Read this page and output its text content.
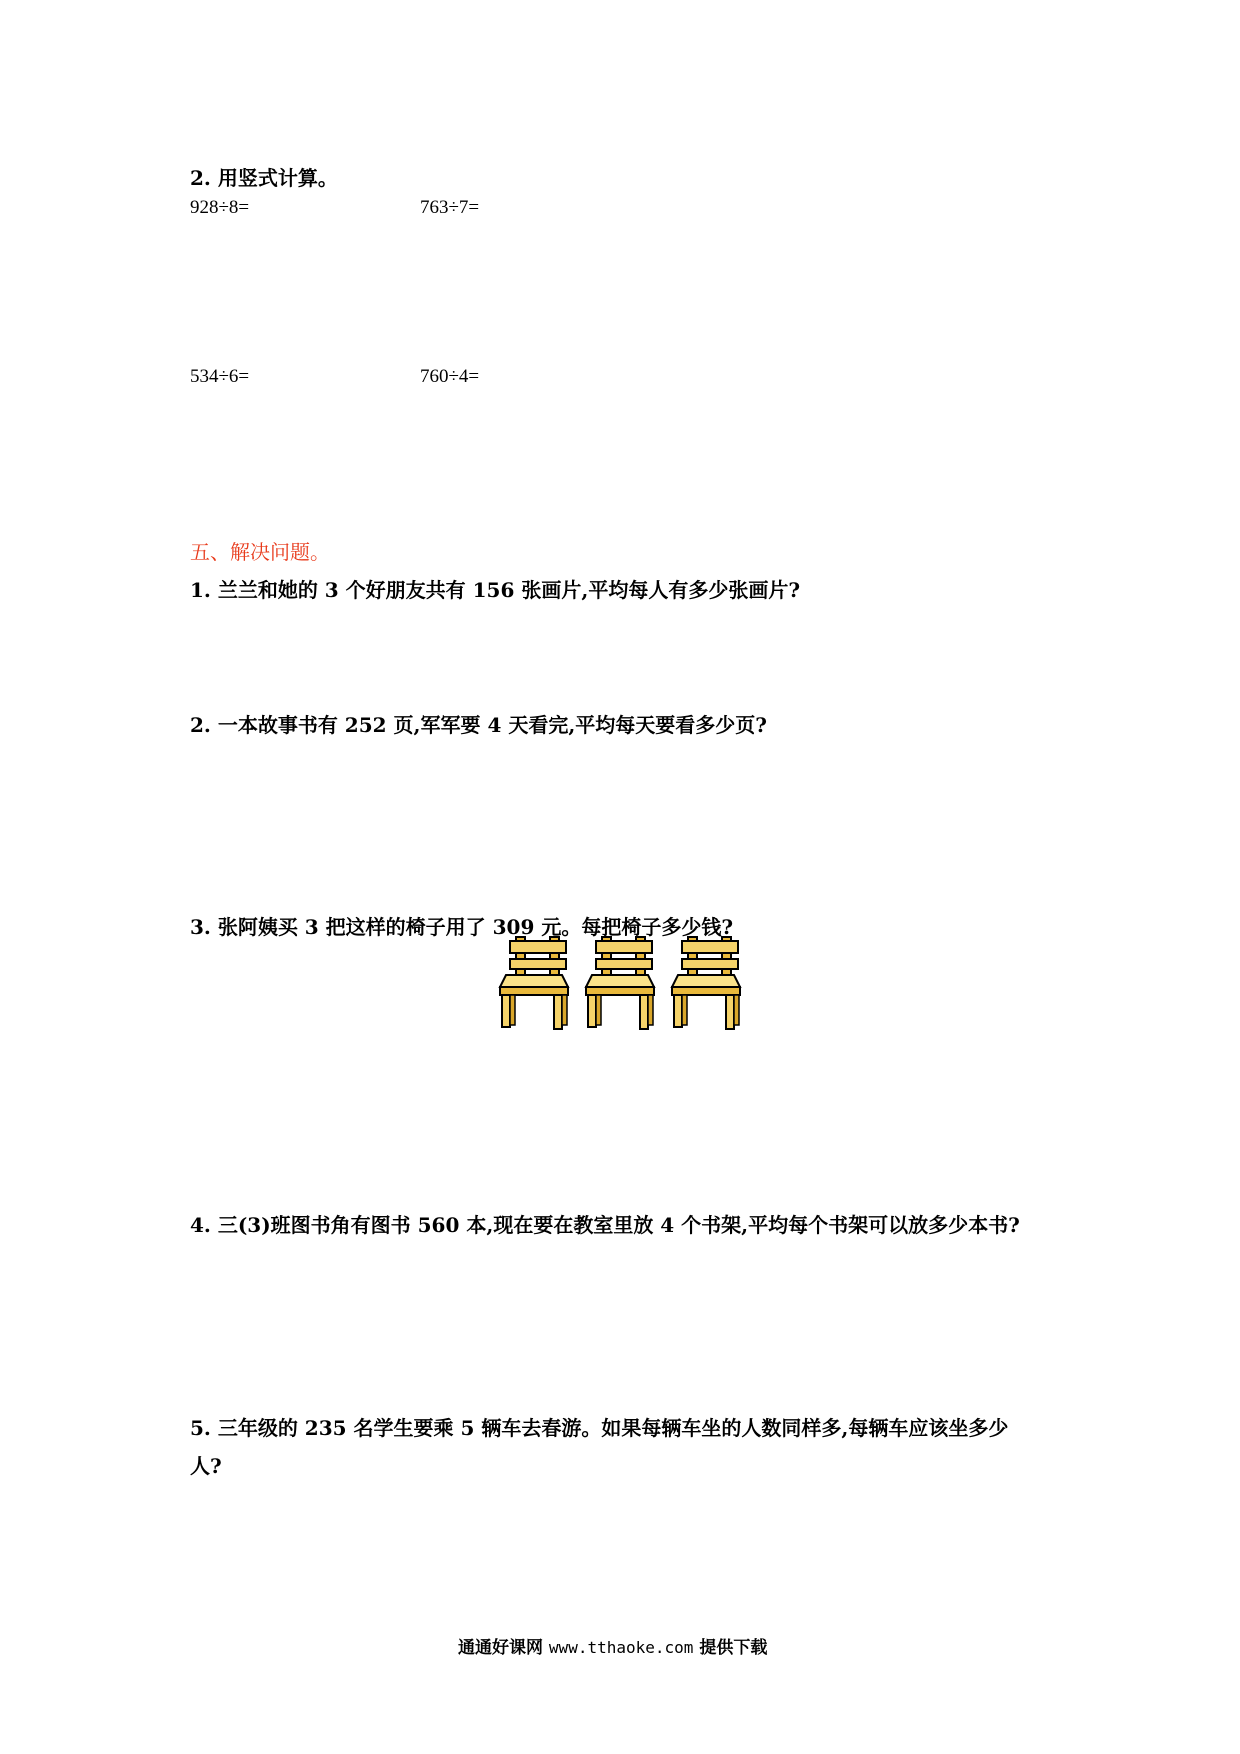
2. 用竖式计算。
928÷8=	763÷7=
534÷6=	760÷4=
五、解决问题。
1. 兰兰和她的 3 个好朋友共有 156 张画片,平均每人有多少张画片?
2. 一本故事书有 252 页,军军要 4 天看完,平均每天要看多少页?
3. 张阿姨买 3 把这样的椅子用了 309 元。每把椅子多少钱?
4. 三(3)班图书角有图书 560 本,现在要在教室里放 4 个书架,平均每个书架可以放多少本书?
5. 三年级的 235 名学生要乘 5 辆车去春游。如果每辆车坐的人数同样多,每辆车应该坐多少
人?
通通好课网 www.tthaoke.com 提供下载
